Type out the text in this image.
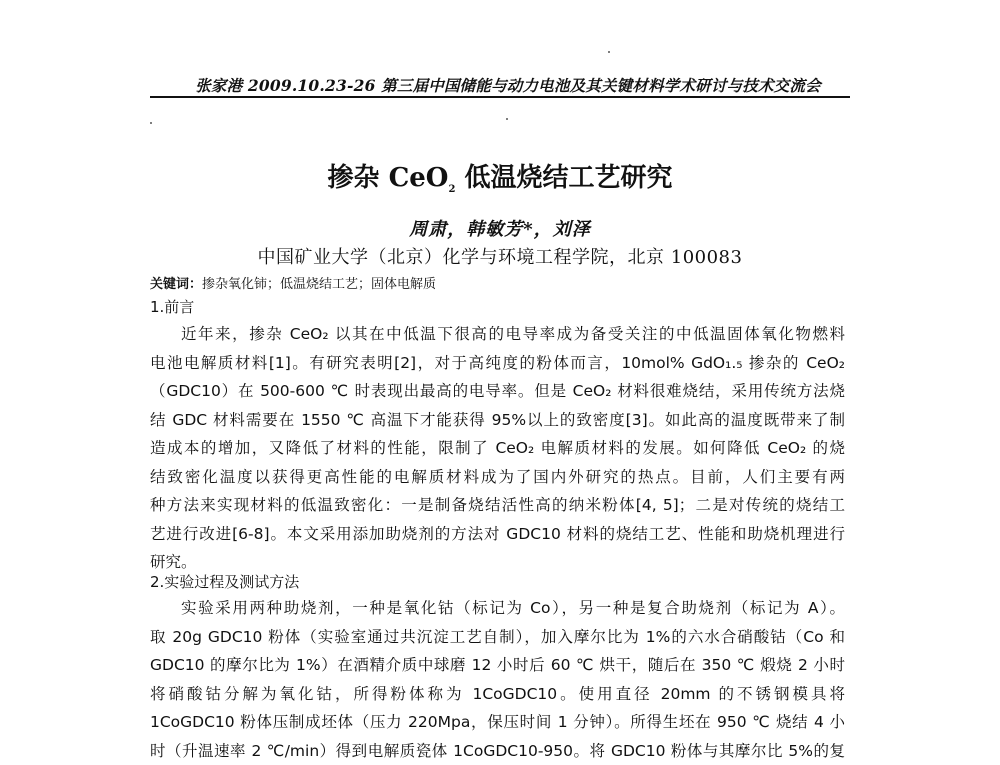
张家港 2009.10.23-26 第三届中国储能与动力电池及其关键材料学术研讨与技术交流会
掺杂 CeO$_2$ 低温烧结工艺研究
周肃，韩敏芳*，刘泽
中国矿业大学（北京）化学与环境工程学院，北京 100083
关键词：掺杂氧化铈；低温烧结工艺；固体电解质
1.前言
近年来，掺杂 CeO₂ 以其在中低温下很高的电导率成为备受关注的中低温固体氧化物燃料
电池电解质材料[1]。有研究表明[2]，对于高纯度的粉体而言，10mol% GdO₁.₅ 掺杂的 CeO₂
（GDC10）在 500-600 ℃ 时表现出最高的电导率。但是 CeO₂ 材料很难烧结，采用传统方法烧
结 GDC 材料需要在 1550 ℃ 高温下才能获得 95%以上的致密度[3]。如此高的温度既带来了制
造成本的增加，又降低了材料的性能，限制了 CeO₂ 电解质材料的发展。如何降低 CeO₂ 的烧
结致密化温度以获得更高性能的电解质材料成为了国内外研究的热点。目前，人们主要有两
种方法来实现材料的低温致密化：一是制备烧结活性高的纳米粉体[4, 5]；二是对传统的烧结工
艺进行改进[6-8]。本文采用添加助烧剂的方法对 GDC10 材料的烧结工艺、性能和助烧机理进行
研究。
2.实验过程及测试方法
实验采用两种助烧剂，一种是氧化钴（标记为 Co），另一种是复合助烧剂（标记为 A）。
取 20g GDC10 粉体（实验室通过共沉淀工艺自制），加入摩尔比为 1%的六水合硝酸钴（Co 和
GDC10 的摩尔比为 1%）在酒精介质中球磨 12 小时后 60 ℃ 烘干，随后在 350 ℃ 煅烧 2 小时
将硝酸钴分解为氧化钴，所得粉体称为 1CoGDC10。使用直径 20mm 的不锈钢模具将
1CoGDC10 粉体压制成坯体（压力 220Mpa，保压时间 1 分钟）。所得生坯在 950 ℃ 烧结 4 小
时（升温速率 2 ℃/min）得到电解质瓷体 1CoGDC10-950。将 GDC10 粉体与其摩尔比 5%的复
